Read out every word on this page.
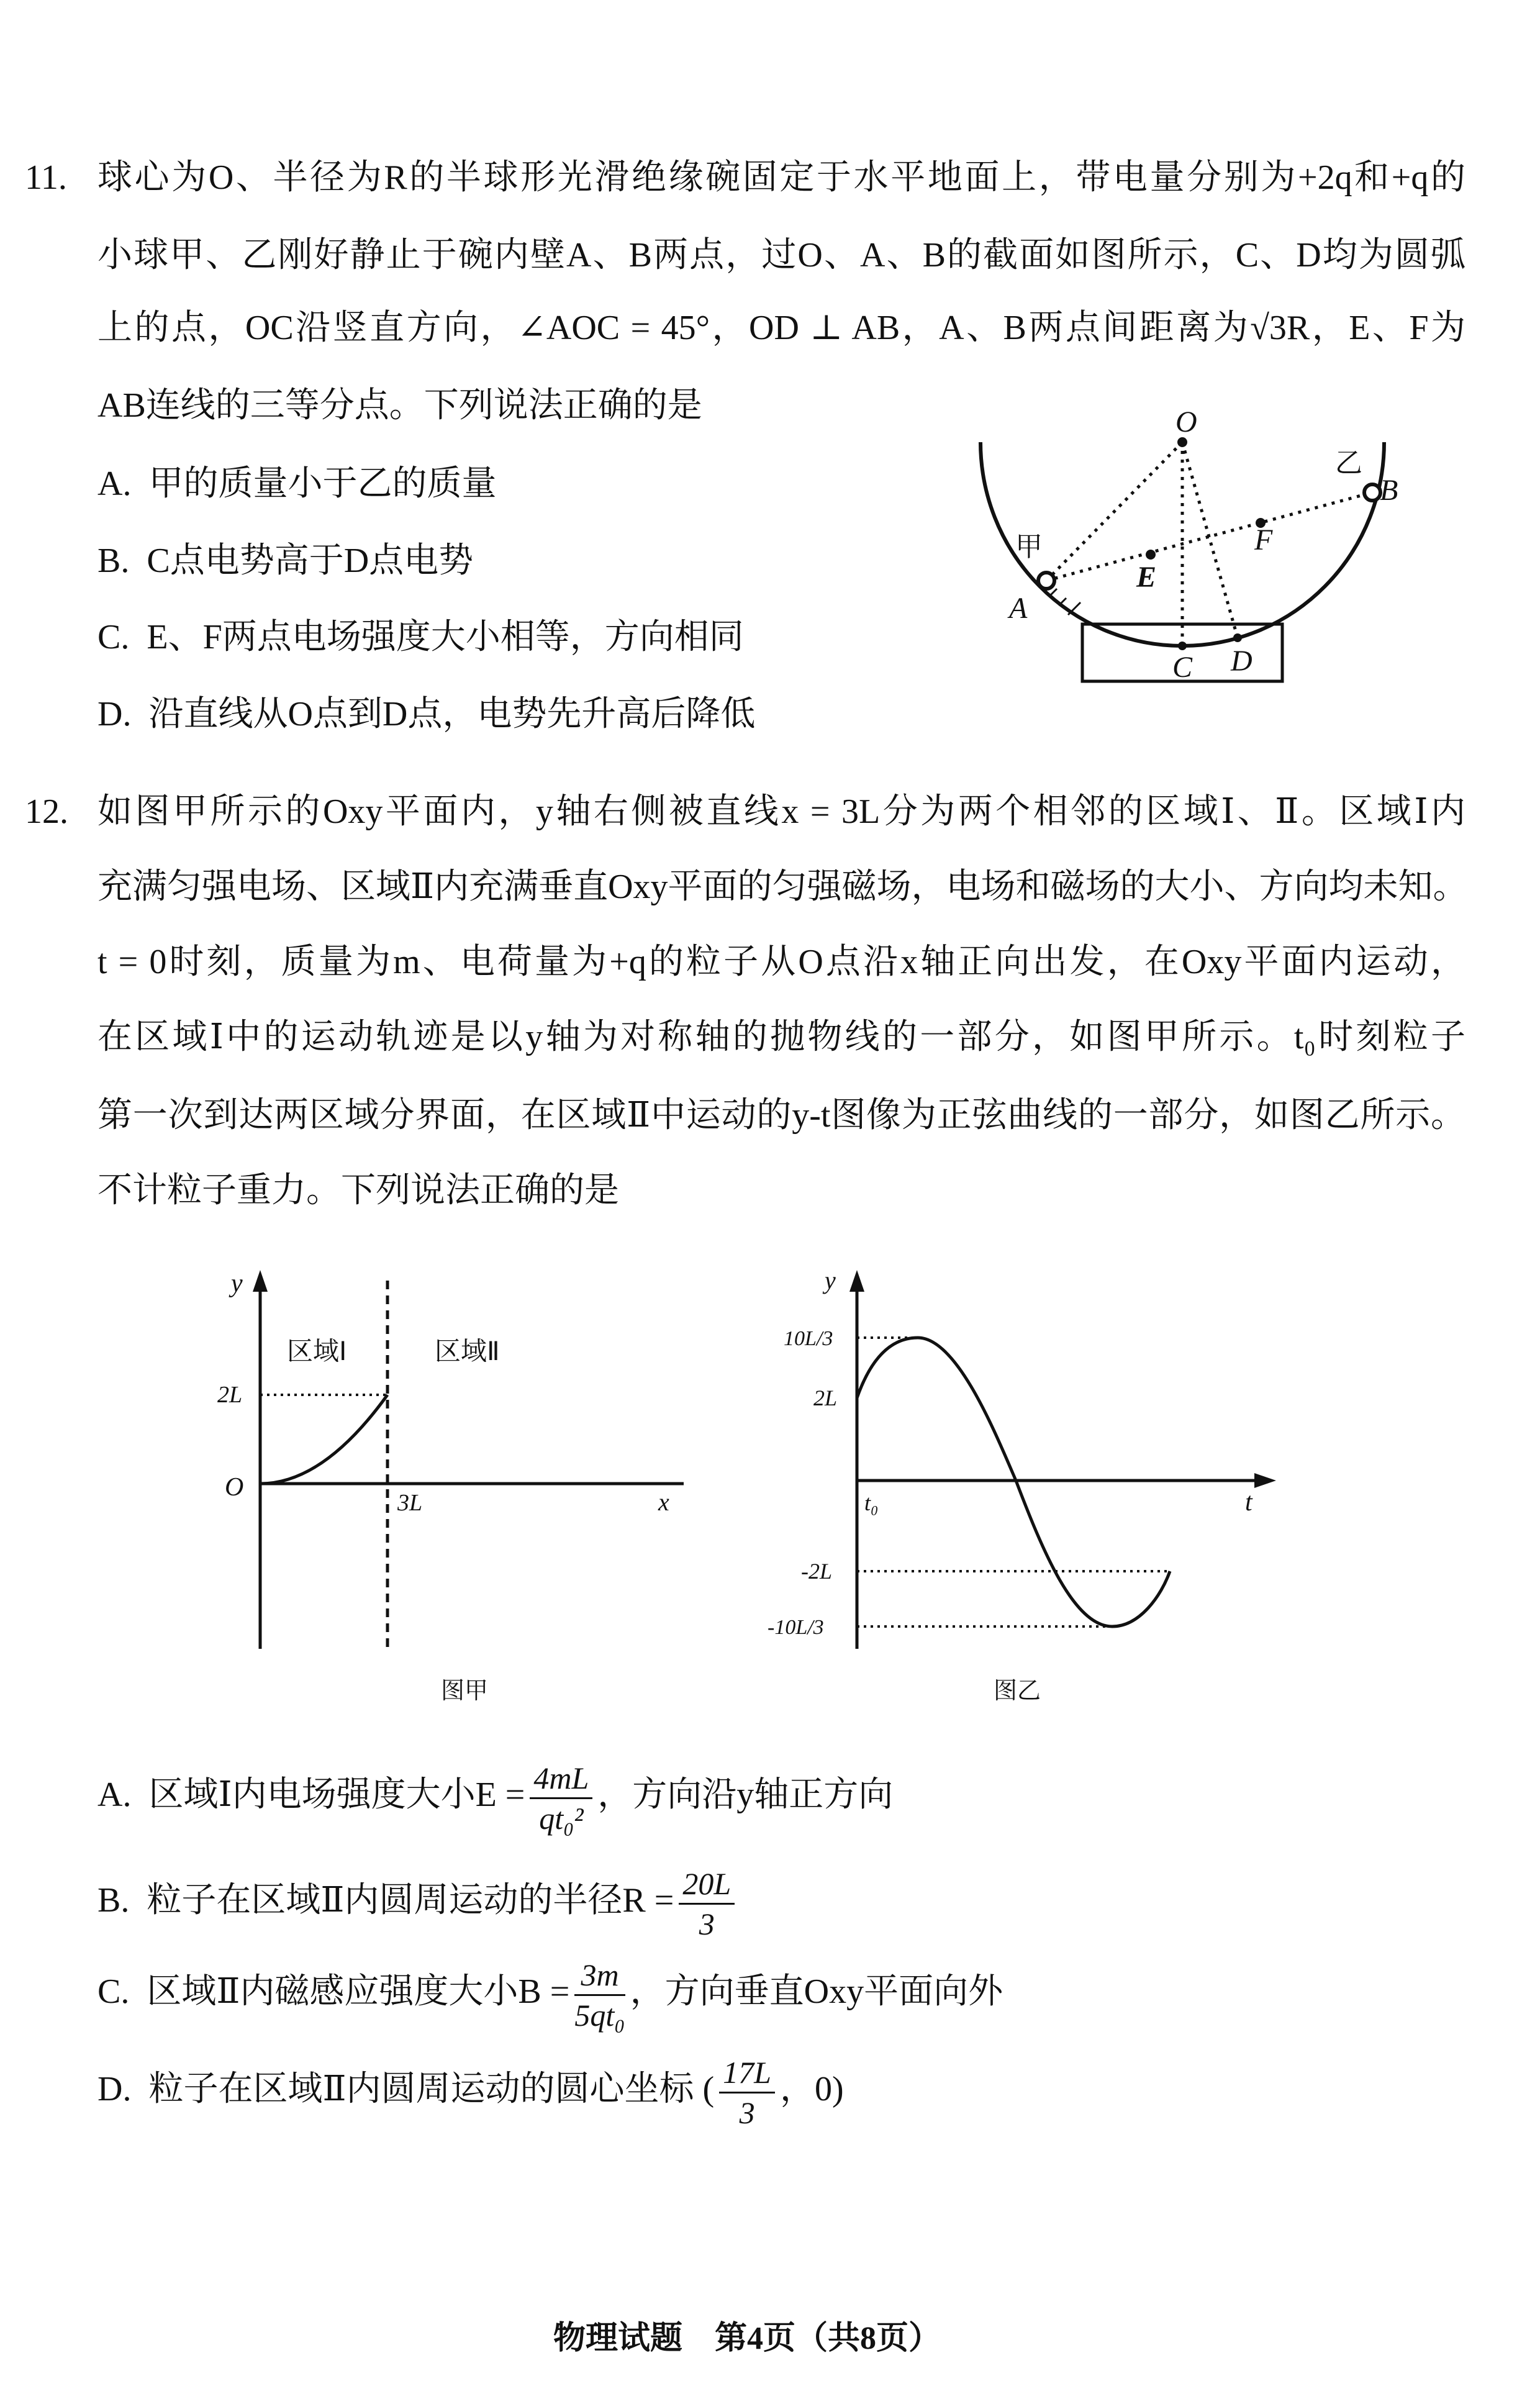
11. 球心为O、半径为R的半球形光滑绝缘碗固定于水平地面上，带电量分别为+2q和+q的
小球甲、乙刚好静止于碗内壁A、B两点，过O、A、B的截面如图所示，C、D均为圆弧
上的点，OC沿竖直方向，∠AOC = 45°，OD ⊥ AB，A、B两点间距离为√3R，E、F为
AB连线的三等分点。下列说法正确的是
A. 甲的质量小于乙的质量
B. C点电势高于D点电势
C. E、F两点电场强度大小相等，方向相同
D. 沿直线从O点到D点，电势先升高后降低
O
A
B
C D
E
F
甲
乙
y
x
O
2L
3L
区域Ⅰ	区域Ⅱ
图甲
y
t
t₀
10L/3
2L
-2L
-10L/3
图乙
12. 如图甲所示的Oxy平面内，y轴右侧被直线x = 3L分为两个相邻的区域Ⅰ、Ⅱ。区域Ⅰ内
充满匀强电场、区域Ⅱ内充满垂直Oxy平面的匀强磁场，电场和磁场的大小、方向均未知。
t = 0时刻，质量为m、电荷量为+q的粒子从O点沿x轴正向出发，在Oxy平面内运动，
在区域Ⅰ中的运动轨迹是以y轴为对称轴的抛物线的一部分，如图甲所示。t₀时刻粒子
第一次到达两区域分界面，在区域Ⅱ中运动的y-t图像为正弦曲线的一部分，如图乙所示。
不计粒子重力。下列说法正确的是
A. 区域Ⅰ内电场强度大小$E = \frac{4mL}{\text{qt₀²}}$ ，方向沿y轴正方向
B. 粒子在区域Ⅱ内圆周运动的半径$R = \frac{20L}{3}$
C. 区域Ⅱ内磁感应强度大小$B = \frac{3m}{\text{5qt₀}}$ ，方向垂直Oxy平面向外
D. 粒子在区域Ⅱ内圆周运动的圆心坐标 ( $\frac{17L}{3}$ ，0)
物理试题　第4页（共8页）
